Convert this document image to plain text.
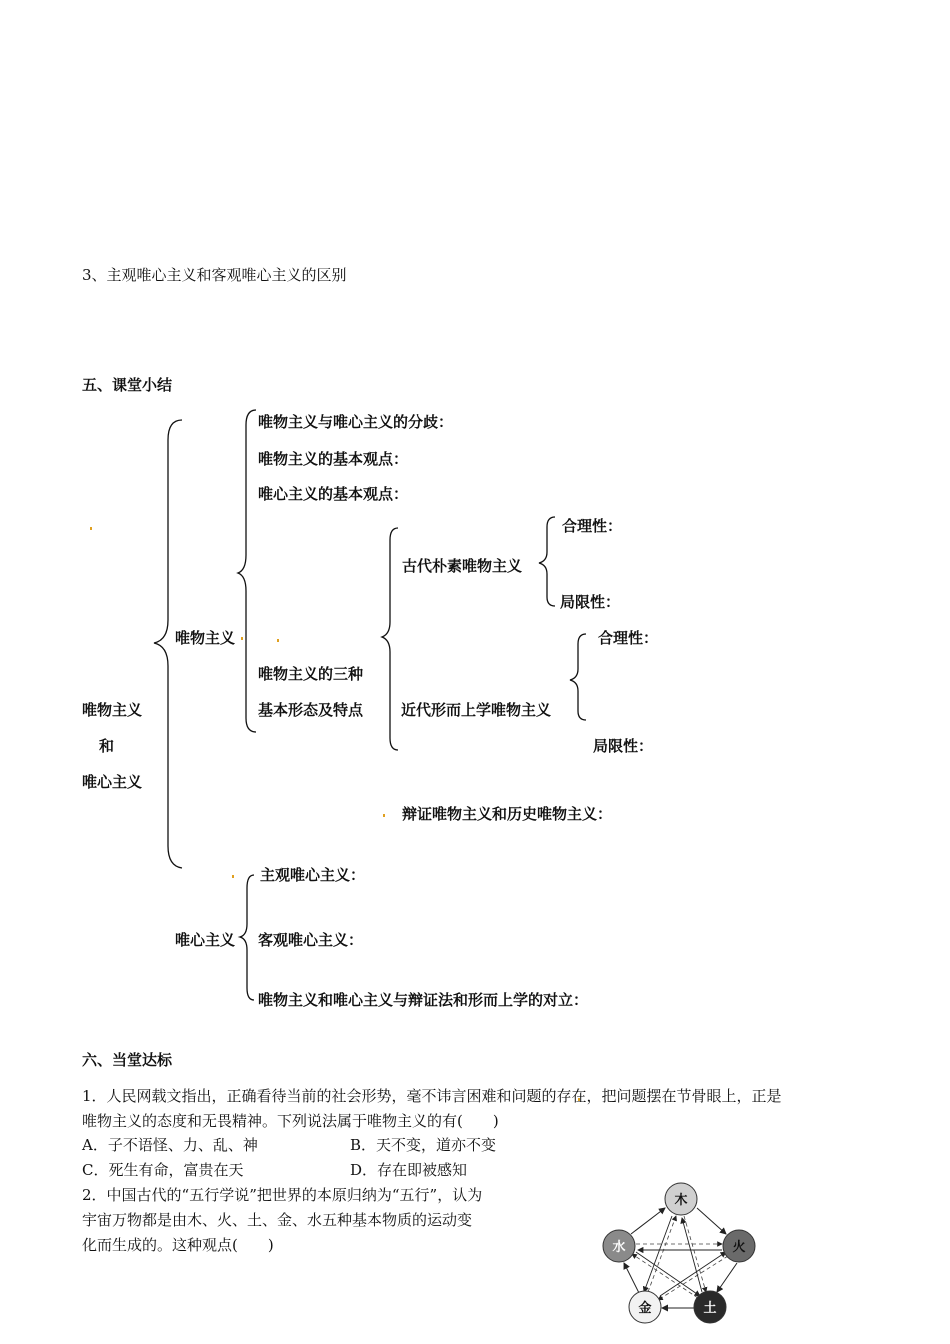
3、主观唯心主义和客观唯心主义的区别
五、课堂小结
唯物主义
和
唯心主义
唯物主义
唯物主义与唯心主义的分歧：
唯物主义的基本观点：
唯心主义的基本观点：
唯物主义的三种
基本形态及特点
古代朴素唯物主义
合理性：
局限性：
近代形而上学唯物主义
合理性：
局限性：
辩证唯物主义和历史唯物主义：
唯心主义
主观唯心主义：
客观唯心主义：
唯物主义和唯心主义与辩证法和形而上学的对立：
六、当堂达标
1．人民网载文指出，正确看待当前的社会形势，毫不讳言困难和问题的存在，把问题摆在节骨眼上，正是
唯物主义的态度和无畏精神。下列说法属于唯物主义的有(　　)
A．子不语怪、力、乱、神	B．天不变，道亦不变
C．死生有命，富贵在天	D．存在即被感知
2．中国古代的“五行学说”把世界的本原归纳为“五行”，认为
宇宙万物都是由木、火、土、金、水五种基本物质的运动变
化而生成的。这种观点(　　)
木
火
土
金
水
